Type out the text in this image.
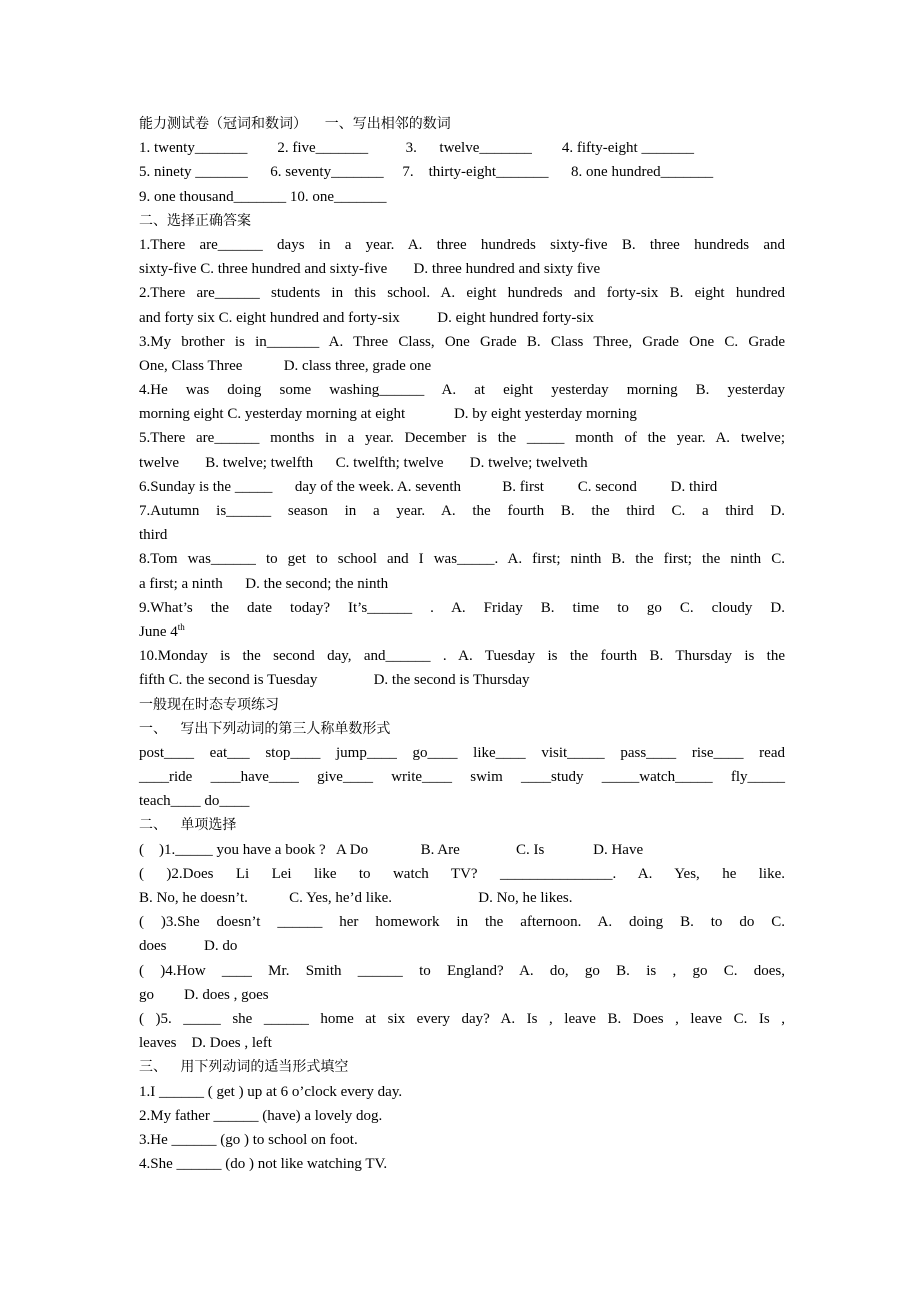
能力测试卷（冠词和数词）    一、写出相邻的数词
1. twenty_______        2. five_______          3.      twelve_______        4. fifty-eight _______
5. ninety _______      6. seventy_______     7.    thirty-eight_______      8. one hundred_______
9. one thousand_______ 10. one_______
二、选择正确答案
1.There are______ days in a year. A. three hundreds sixty-five B. three hundreds and
sixty-five C. three hundred and sixty-five       D. three hundred and sixty five
2.There are______ students in this school. A. eight hundreds and forty-six B. eight hundred
and forty six C. eight hundred and forty-six          D. eight hundred forty-six
3.My brother is in_______ A. Three Class, One Grade B. Class Three, Grade One C. Grade
One, Class Three           D. class three, grade one
4.He was doing some washing______ A. at eight yesterday morning B. yesterday
morning eight C. yesterday morning at eight             D. by eight yesterday morning
5.There are______ months in a year. December is the _____ month of the year. A. twelve;
twelve       B. twelve; twelfth      C. twelfth; twelve       D. twelve; twelveth
6.Sunday is the _____      day of the week. A. seventh           B. first         C. second         D. third
7.Autumn is______ season in a year. A. the fourth B. the third C. a third D.
third
8.Tom was______ to get to school and I was_____. A. first; ninth B. the first; the ninth C.
a first; a ninth      D. the second; the ninth
9.What’s the date today? It’s______ . A. Friday B. time to go C. cloudy D.
June 4th
10.Monday is the second day, and______ . A. Tuesday is the fourth B. Thursday is the
fifth C. the second is Tuesday               D. the second is Thursday
一般现在时态专项练习
一、   写出下列动词的第三人称单数形式
post____ eat___ stop____ jump____ go____ like____ visit_____ pass____ rise____ read
____ride ____have____ give____ write____ swim ____study _____watch_____ fly_____
teach____ do____
二、   单项选择
(    )1._____ you have a book ?   A Do              B. Are               C. Is             D. Have
( )2.Does Li Lei like to watch TV? _______________. A. Yes, he like.
B. No, he doesn’t.           C. Yes, he’d like.                       D. No, he likes.
( )3.She doesn’t ______ her homework in the afternoon. A. doing B. to do C.
does          D. do
( )4.How ____ Mr. Smith ______ to England? A. do, go B. is , go C. does,
go        D. does , goes
( )5. _____ she ______ home at six every day? A. Is , leave B. Does , leave C. Is ,
leaves    D. Does , left
三、   用下列动词的适当形式填空
1.I ______ ( get ) up at 6 o’clock every day.
2.My father ______ (have) a lovely dog.
3.He ______ (go ) to school on foot.
4.She ______ (do ) not like watching TV.
